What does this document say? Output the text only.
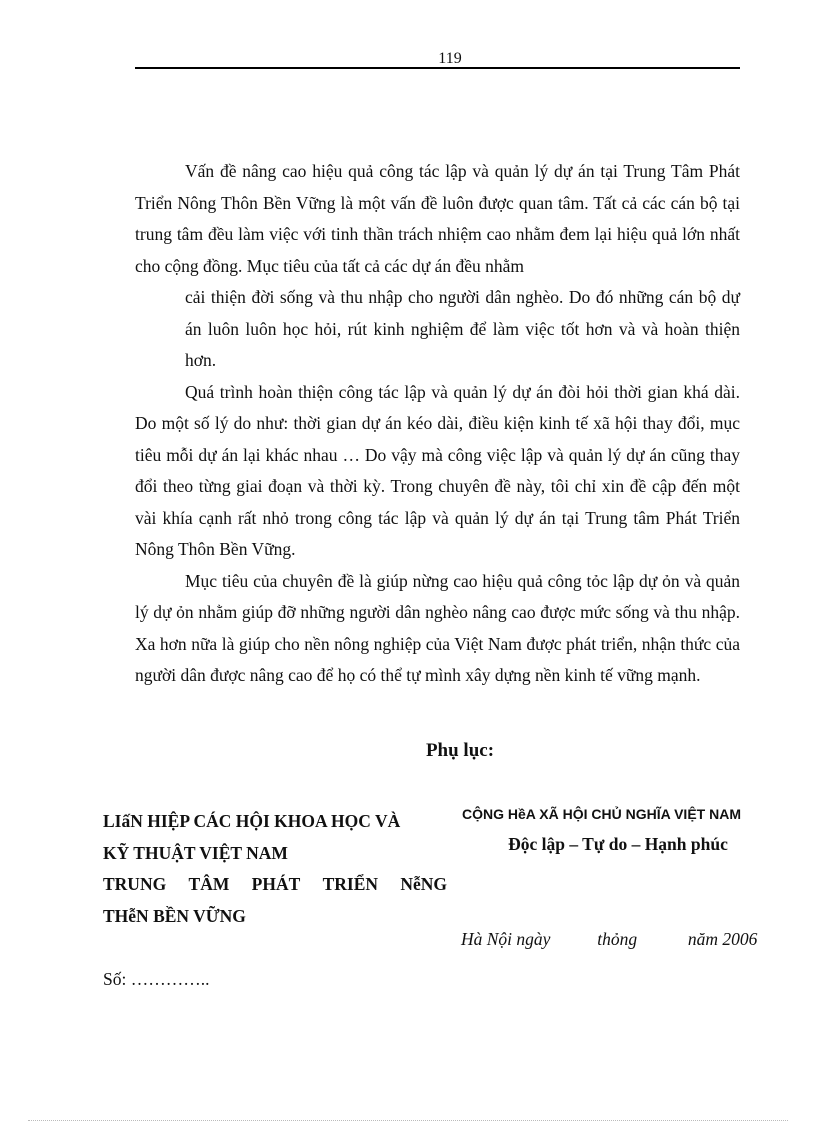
119

Vấn đề nâng cao hiệu quả công tác lập và quản lý dự án tại Trung Tâm Phát Triển Nông Thôn Bền Vững là một vấn đề luôn được quan tâm. Tất cả các cán bộ tại trung tâm đều làm việc với tinh thần trách nhiệm cao nhằm đem lại hiệu quả lớn nhất cho cộng đồng. Mục tiêu của tất cả các dự án đều nhằm

cải thiện đời sống và thu nhập cho người dân nghèo. Do đó những cán bộ dự án luôn luôn học hỏi, rút kinh nghiệm để làm việc tốt hơn và và hoàn thiện hơn.

Quá trình hoàn thiện công tác lập và quản lý dự án đòi hỏi thời gian khá dài. Do một số lý do như: thời gian dự án kéo dài, điều kiện kinh tế xã hội thay đổi, mục tiêu mỗi dự án lại khác nhau … Do vậy mà công việc lập và quản lý dự án cũng thay đổi theo từng giai đoạn và thời kỳ. Trong chuyên đề này, tôi chỉ xin đề cập đến một vài khía cạnh rất nhỏ trong công tác lập và quản lý dự án tại Trung tâm Phát Triển Nông Thôn Bền Vững.

Mục tiêu của chuyên đề là giúp nừng cao hiệu quả công tỏc lập dự ỏn và quản lý dự ỏn nhằm giúp đỡ những người dân nghèo nâng cao được mức sống và thu nhập. Xa hơn nữa là giúp cho nền nông nghiệp của Việt Nam được phát triển, nhận thức của người dân được nâng cao để họ có thể tự mình xây dựng nền kinh tế vững mạnh.

Phụ lục:
LIấN HIỆP CÁC HỘI KHOA HỌC VÀ
KỸ THUẬT VIỆT NAM
TRUNG TÂM PHÁT TRIỂN NễNG
THễN BỀN VỮNG
CỘNG HềA XÃ HỘI CHỦ NGHĨA VIỆT NAM
Độc lập – Tự do – Hạnh phúc
Hà Nội ngày	thỏng	năm 2006
Số: …………..
